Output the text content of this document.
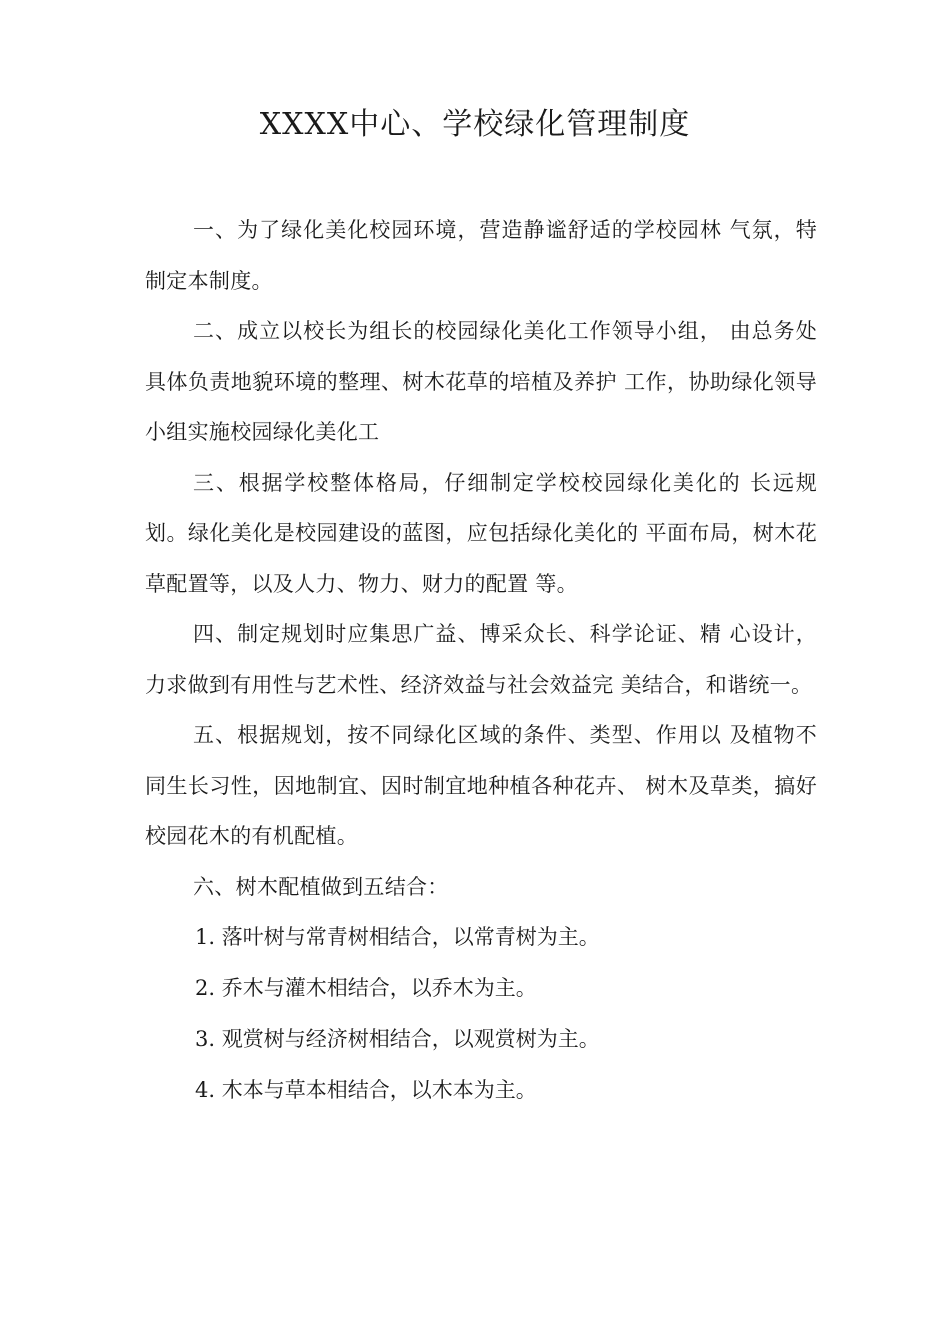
XXXX中心、学校绿化管理制度

一、为了绿化美化校园环境，营造静谧舒适的学校园林 气氛，特制定本制度。

二、成立以校长为组长的校园绿化美化工作领导小组， 由总务处具体负责地貌环境的整理、树木花草的培植及养护 工作，协助绿化领导小组实施校园绿化美化工

三、根据学校整体格局，仔细制定学校校园绿化美化的 长远规划。绿化美化是校园建设的蓝图，应包括绿化美化的 平面布局，树木花草配置等，以及人力、物力、财力的配置 等。

四、制定规划时应集思广益、博采众长、科学论证、精 心设计，力求做到有用性与艺术性、经济效益与社会效益完 美结合，和谐统一。

五、根据规划，按不同绿化区域的条件、类型、作用以 及植物不同生长习性，因地制宜、因时制宜地种植各种花卉、 树木及草类，搞好校园花木的有机配植。

六、树木配植做到五结合：

1. 落叶树与常青树相结合，以常青树为主。

2. 乔木与灌木相结合，以乔木为主。

3. 观赏树与经济树相结合，以观赏树为主。

4. 木本与草本相结合，以木本为主。
